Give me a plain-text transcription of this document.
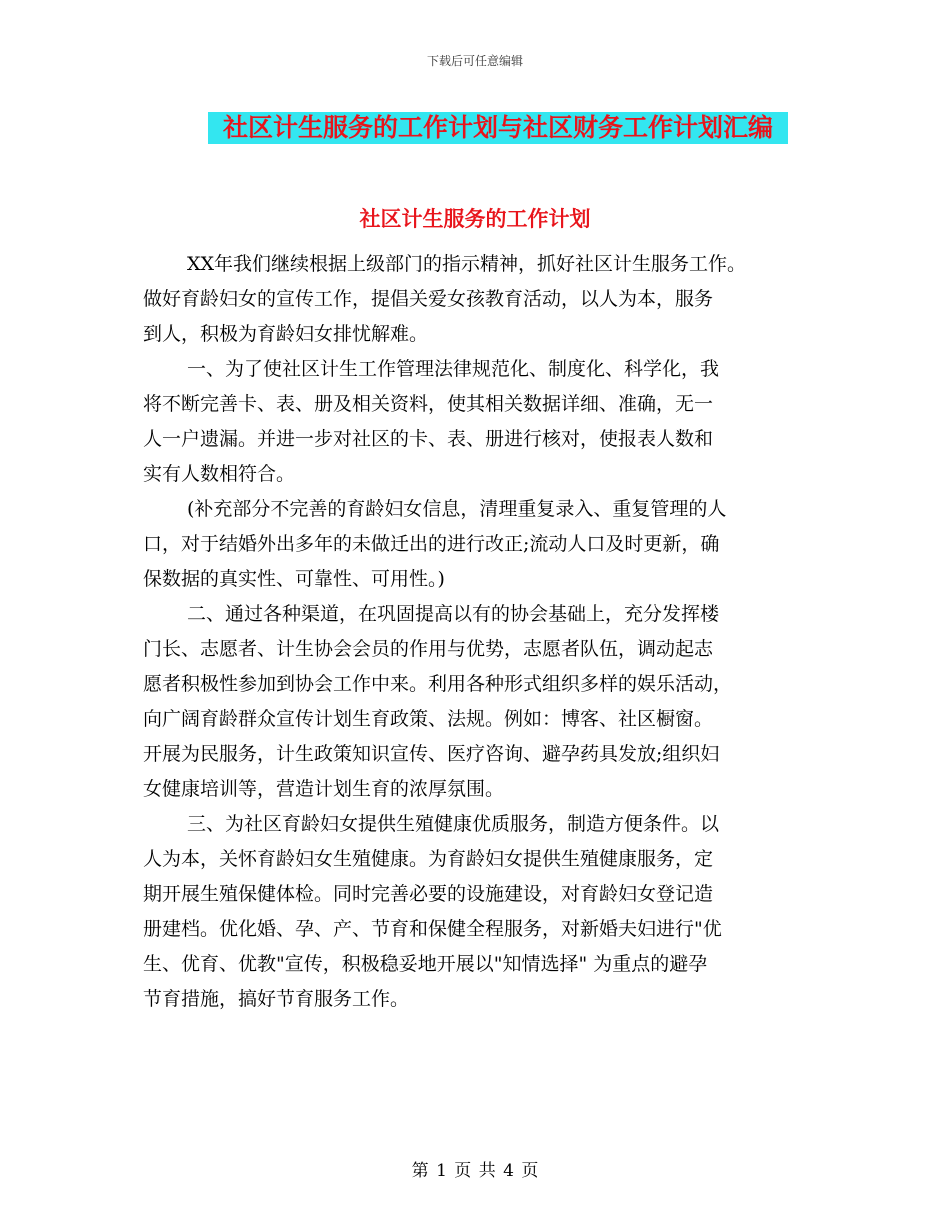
下载后可任意编辑
社区计生服务的工作计划与社区财务工作计划汇编
社区计生服务的工作计划
XX年我们继续根据上级部门的指示精神，抓好社区计生服务工作。
做好育龄妇女的宣传工作，提倡关爱女孩教育活动，以人为本，服务
到人，积极为育龄妇女排忧解难。
一、为了使社区计生工作管理法律规范化、制度化、科学化，我
将不断完善卡、表、册及相关资料，使其相关数据详细、准确，无一
人一户遗漏。并进一步对社区的卡、表、册进行核对，使报表人数和
实有人数相符合。
(补充部分不完善的育龄妇女信息，清理重复录入、重复管理的人
口，对于结婚外出多年的未做迁出的进行改正;流动人口及时更新，确
保数据的真实性、可靠性、可用性。)
二、通过各种渠道，在巩固提高以有的协会基础上，充分发挥楼
门长、志愿者、计生协会会员的作用与优势，志愿者队伍，调动起志
愿者积极性参加到协会工作中来。利用各种形式组织多样的娱乐活动，
向广阔育龄群众宣传计划生育政策、法规。例如：博客、社区橱窗。
开展为民服务，计生政策知识宣传、医疗咨询、避孕药具发放;组织妇
女健康培训等，营造计划生育的浓厚氛围。
三、为社区育龄妇女提供生殖健康优质服务，制造方便条件。以
人为本，关怀育龄妇女生殖健康。为育龄妇女提供生殖健康服务，定
期开展生殖保健体检。同时完善必要的设施建设，对育龄妇女登记造
册建档。优化婚、孕、产、节育和保健全程服务，对新婚夫妇进行"优
生、优育、优教"宣传，积极稳妥地开展以"知情选择" 为重点的避孕
节育措施，搞好节育服务工作。
第 1 页 共 4 页
